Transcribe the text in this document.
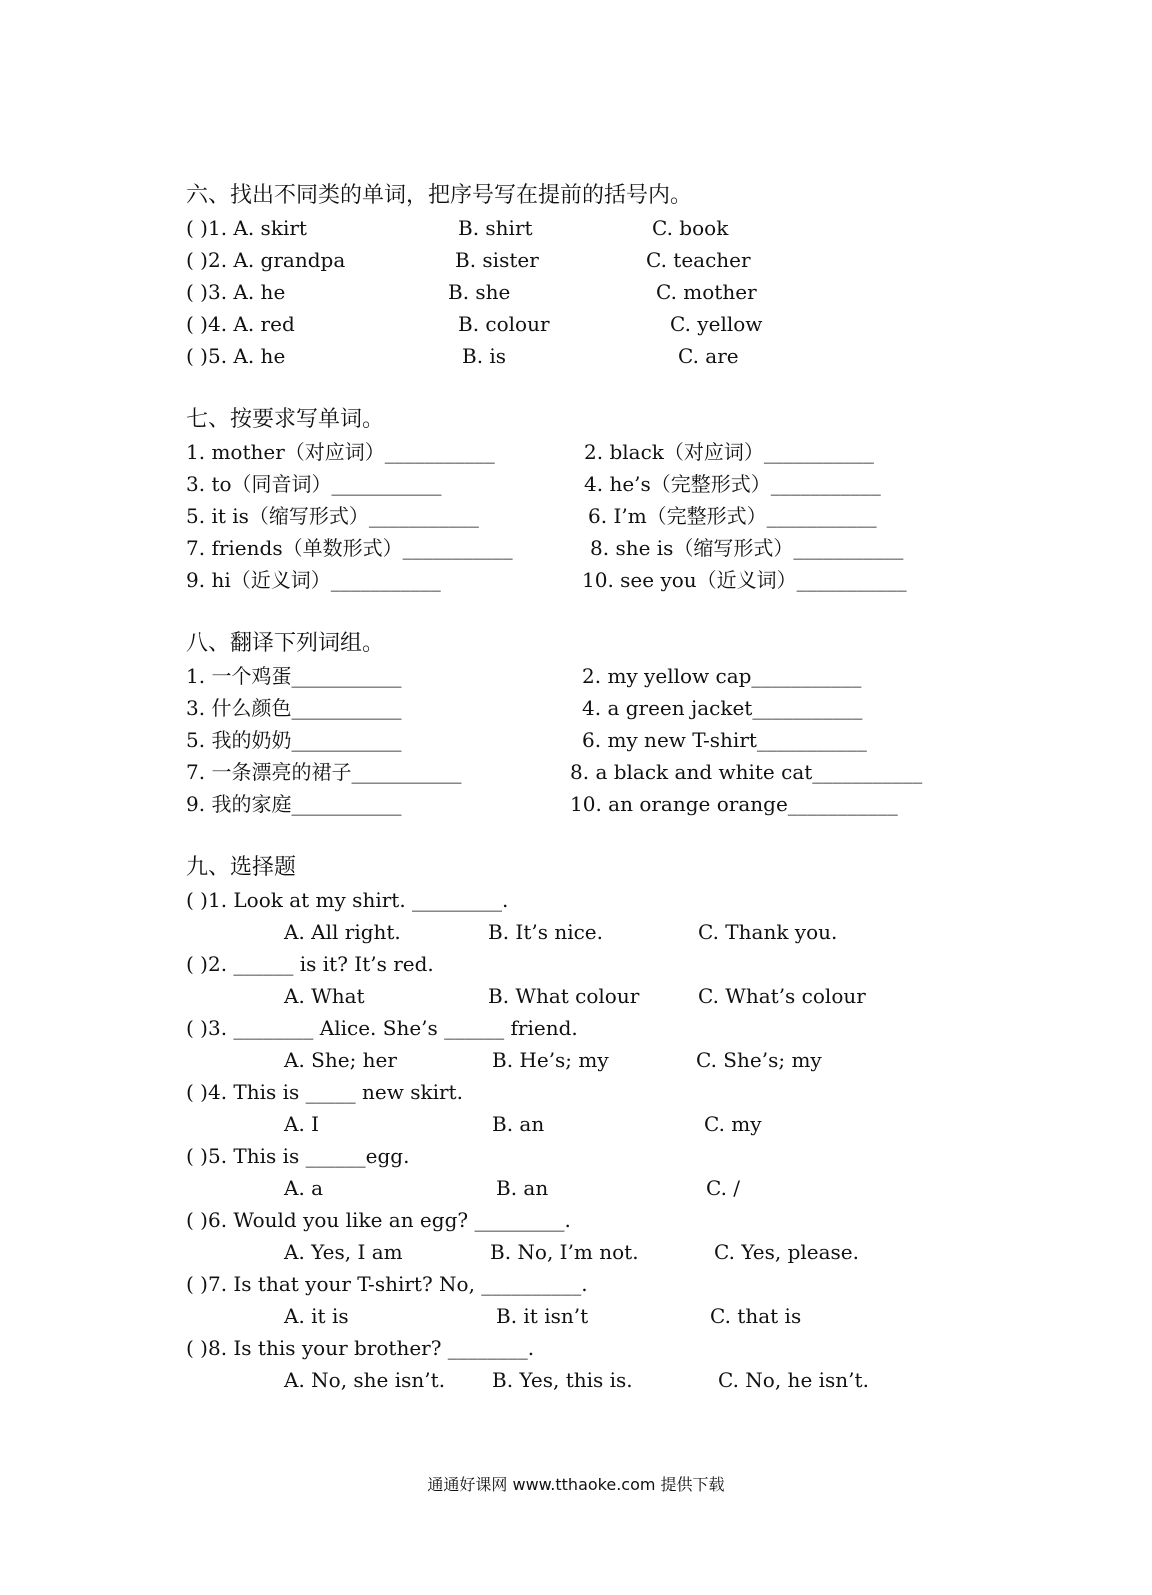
六、找出不同类的单词，把序号写在提前的括号内。
( )1. A. skirt	B. shirt	C. book
( )2. A. grandpa	B. sister	C. teacher
( )3. A. he	B. she	C. mother
( )4. A. red	B. colour	C. yellow
( )5. A. he	B. is	C. are
七、按要求写单词。
1. mother（对应词）___________	2. black（对应词）___________
3. to（同音词）___________	4. he’s（完整形式）___________
5. it is（缩写形式）___________	6. I’m（完整形式）___________
7. friends（单数形式）___________	8. she is（缩写形式）___________
9. hi（近义词）___________	10. see you（近义词）___________
八、翻译下列词组。
1. 一个鸡蛋___________	2. my yellow cap___________
3. 什么颜色___________	4. a green jacket___________
5. 我的奶奶___________	6. my new T-shirt___________
7. 一条漂亮的裙子___________	8. a black and white cat___________
9. 我的家庭___________	10. an orange orange___________
九、选择题
( )1. Look at my shirt. _________.
A. All right.	B. It’s nice.	C. Thank you.
( )2. ______ is it? It’s red.
A. What	B. What colour	C. What’s colour
( )3. ________ Alice. She’s ______ friend.
A. She; her	B. He’s; my	C. She’s; my
( )4. This is _____ new skirt.
A. I	B. an	C. my
( )5. This is ______egg.
A. a	B. an	C. /
( )6. Would you like an egg? _________.
A. Yes, I am	B. No, I’m not.	C. Yes, please.
( )7. Is that your T-shirt? No, __________.
A. it is	B. it isn’t	C. that is
( )8. Is this your brother? ________.
A. No, she isn’t. B. Yes, this is.	C. No, he isn’t.
通通好课网 www.tthaoke.com 提供下载
